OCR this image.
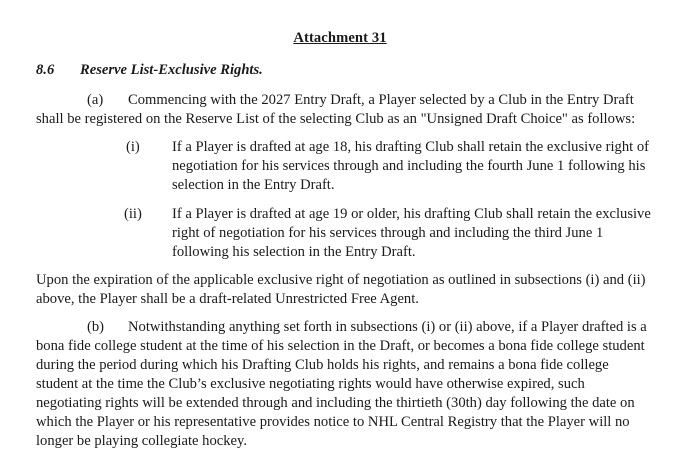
Attachment 31
8.6 Reserve List-Exclusive Rights.
(a) Commencing with the 2027 Entry Draft, a Player selected by a Club in the Entry Draft
shall be registered on the Reserve List of the selecting Club as an "Unsigned Draft Choice" as follows:
(i) If a Player is drafted at age 18, his drafting Club shall retain the exclusive right of
negotiation for his services through and including the fourth June 1 following his
selection in the Entry Draft.
(ii) If a Player is drafted at age 19 or older, his drafting Club shall retain the exclusive
right of negotiation for his services through and including the third June 1
following his selection in the Entry Draft.
Upon the expiration of the applicable exclusive right of negotiation as outlined in subsections (i) and (ii)
above, the Player shall be a draft-related Unrestricted Free Agent.
(b) Notwithstanding anything set forth in subsections (i) or (ii) above, if a Player drafted is a
bona fide college student at the time of his selection in the Draft, or becomes a bona fide college student
during the period during which his Drafting Club holds his rights, and remains a bona fide college
student at the time the Club’s exclusive negotiating rights would have otherwise expired, such
negotiating rights will be extended through and including the thirtieth (30th) day following the date on
which the Player or his representative provides notice to NHL Central Registry that the Player will no
longer be playing collegiate hockey.
